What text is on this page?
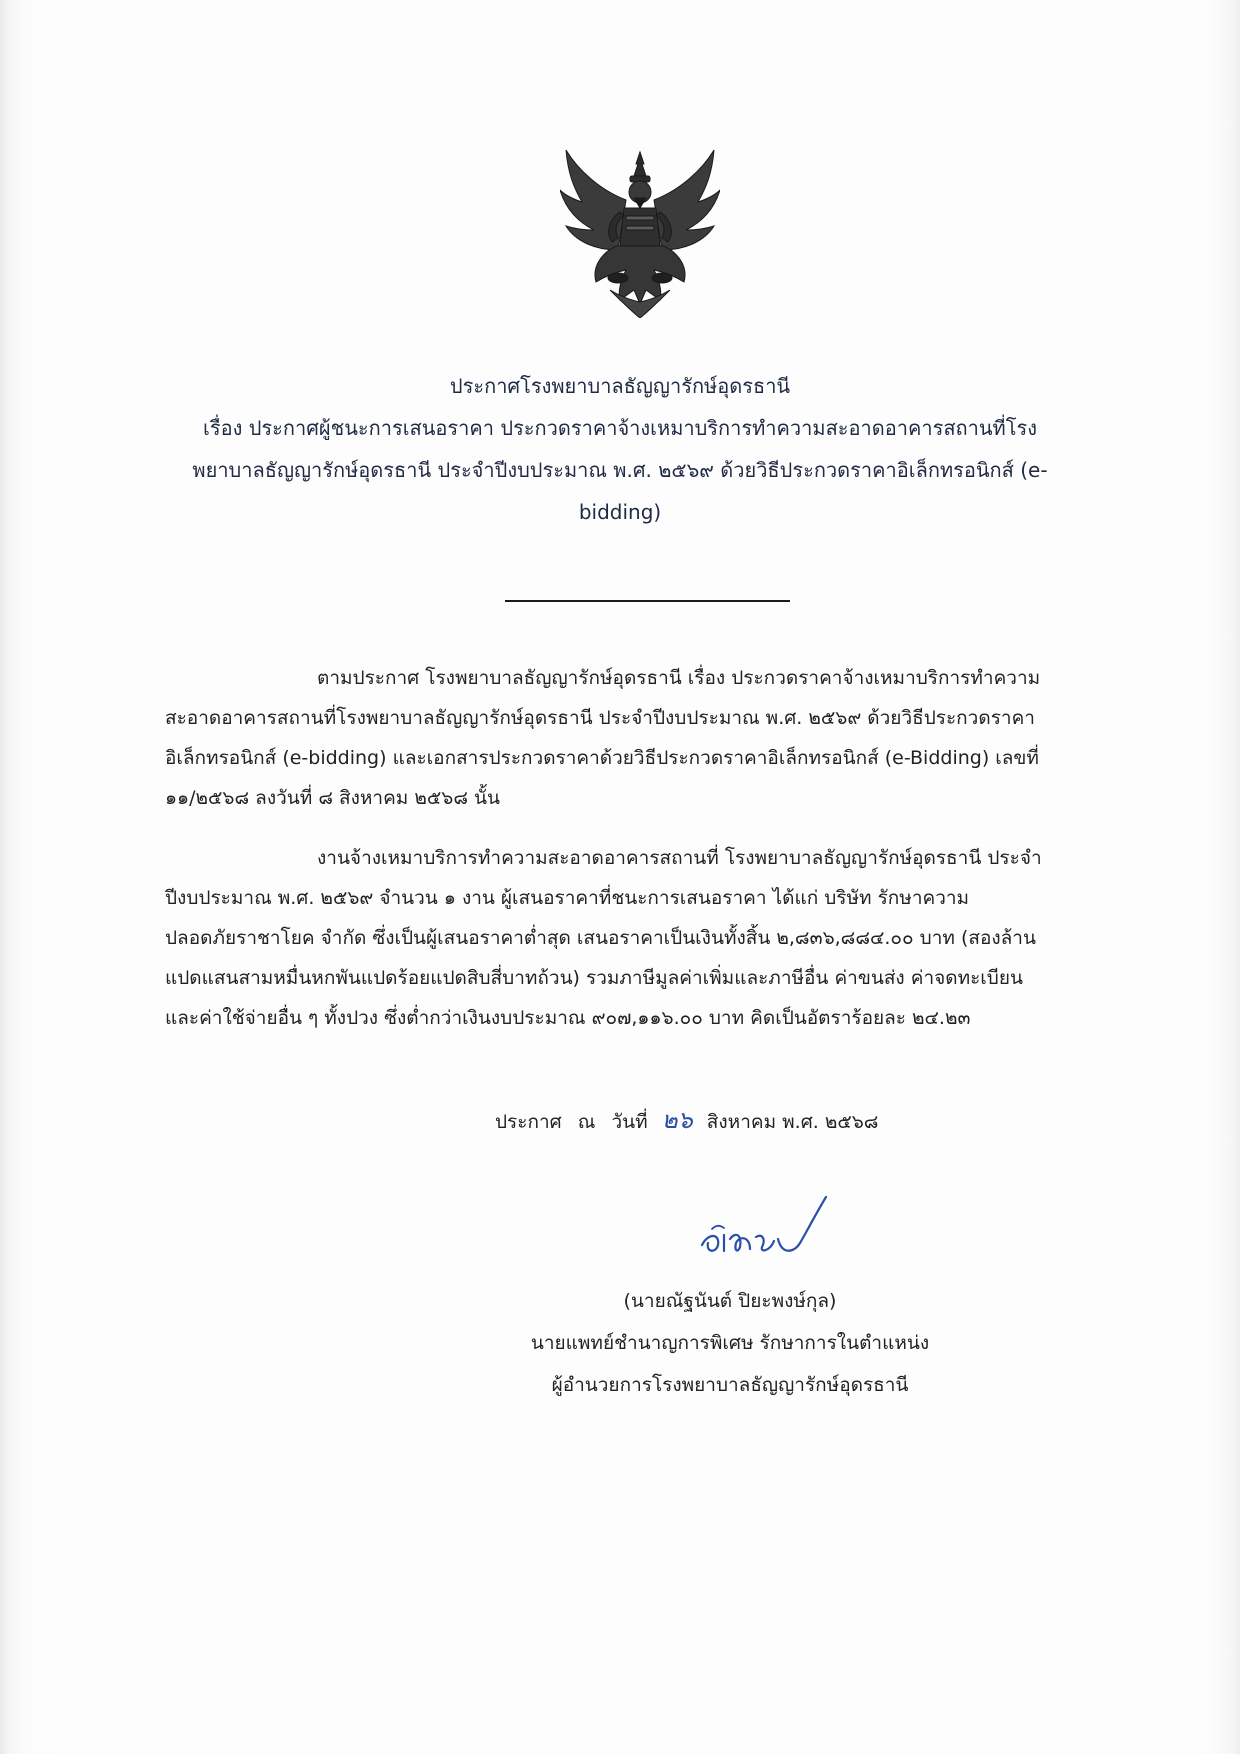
ประกาศโรงพยาบาลธัญญารักษ์อุดรธานี
เรื่อง ประกาศผู้ชนะการเสนอราคา ประกวดราคาจ้างเหมาบริการทำความสะอาดอาคารสถานที่โรง
พยาบาลธัญญารักษ์อุดรธานี ประจำปีงบประมาณ พ.ศ. ๒๕๖๙ ด้วยวิธีประกวดราคาอิเล็กทรอนิกส์ (e-
bidding)
ตามประกาศ โรงพยาบาลธัญญารักษ์อุดรธานี เรื่อง ประกวดราคาจ้างเหมาบริการทำความ
สะอาดอาคารสถานที่โรงพยาบาลธัญญารักษ์อุดรธานี ประจำปีงบประมาณ พ.ศ. ๒๕๖๙ ด้วยวิธีประกวดราคา
อิเล็กทรอนิกส์ (e-bidding) และเอกสารประกวดราคาด้วยวิธีประกวดราคาอิเล็กทรอนิกส์ (e-Bidding) เลขที่
๑๑/๒๕๖๘ ลงวันที่ ๘ สิงหาคม ๒๕๖๘ นั้น
งานจ้างเหมาบริการทำความสะอาดอาคารสถานที่ โรงพยาบาลธัญญารักษ์อุดรธานี ประจำ
ปีงบประมาณ พ.ศ. ๒๕๖๙ จำนวน ๑ งาน ผู้เสนอราคาที่ชนะการเสนอราคา ได้แก่ บริษัท รักษาความ
ปลอดภัยราชาโยค จำกัด ซึ่งเป็นผู้เสนอราคาต่ำสุด เสนอราคาเป็นเงินทั้งสิ้น ๒,๘๓๖,๘๘๔.๐๐ บาท (สองล้าน
แปดแสนสามหมื่นหกพันแปดร้อยแปดสิบสี่บาทถ้วน) รวมภาษีมูลค่าเพิ่มและภาษีอื่น ค่าขนส่ง ค่าจดทะเบียน
และค่าใช้จ่ายอื่น ๆ ทั้งปวง ซึ่งต่ำกว่าเงินงบประมาณ ๙๐๗,๑๑๖.๐๐ บาท คิดเป็นอัตราร้อยละ ๒๔.๒๓
ประกาศ ณ วันที่ ๒๖ สิงหาคม พ.ศ. ๒๕๖๘
(นายณัฐนันต์ ปิยะพงษ์กุล)
นายแพทย์ชำนาญการพิเศษ รักษาการในตำแหน่ง
ผู้อำนวยการโรงพยาบาลธัญญารักษ์อุดรธานี
